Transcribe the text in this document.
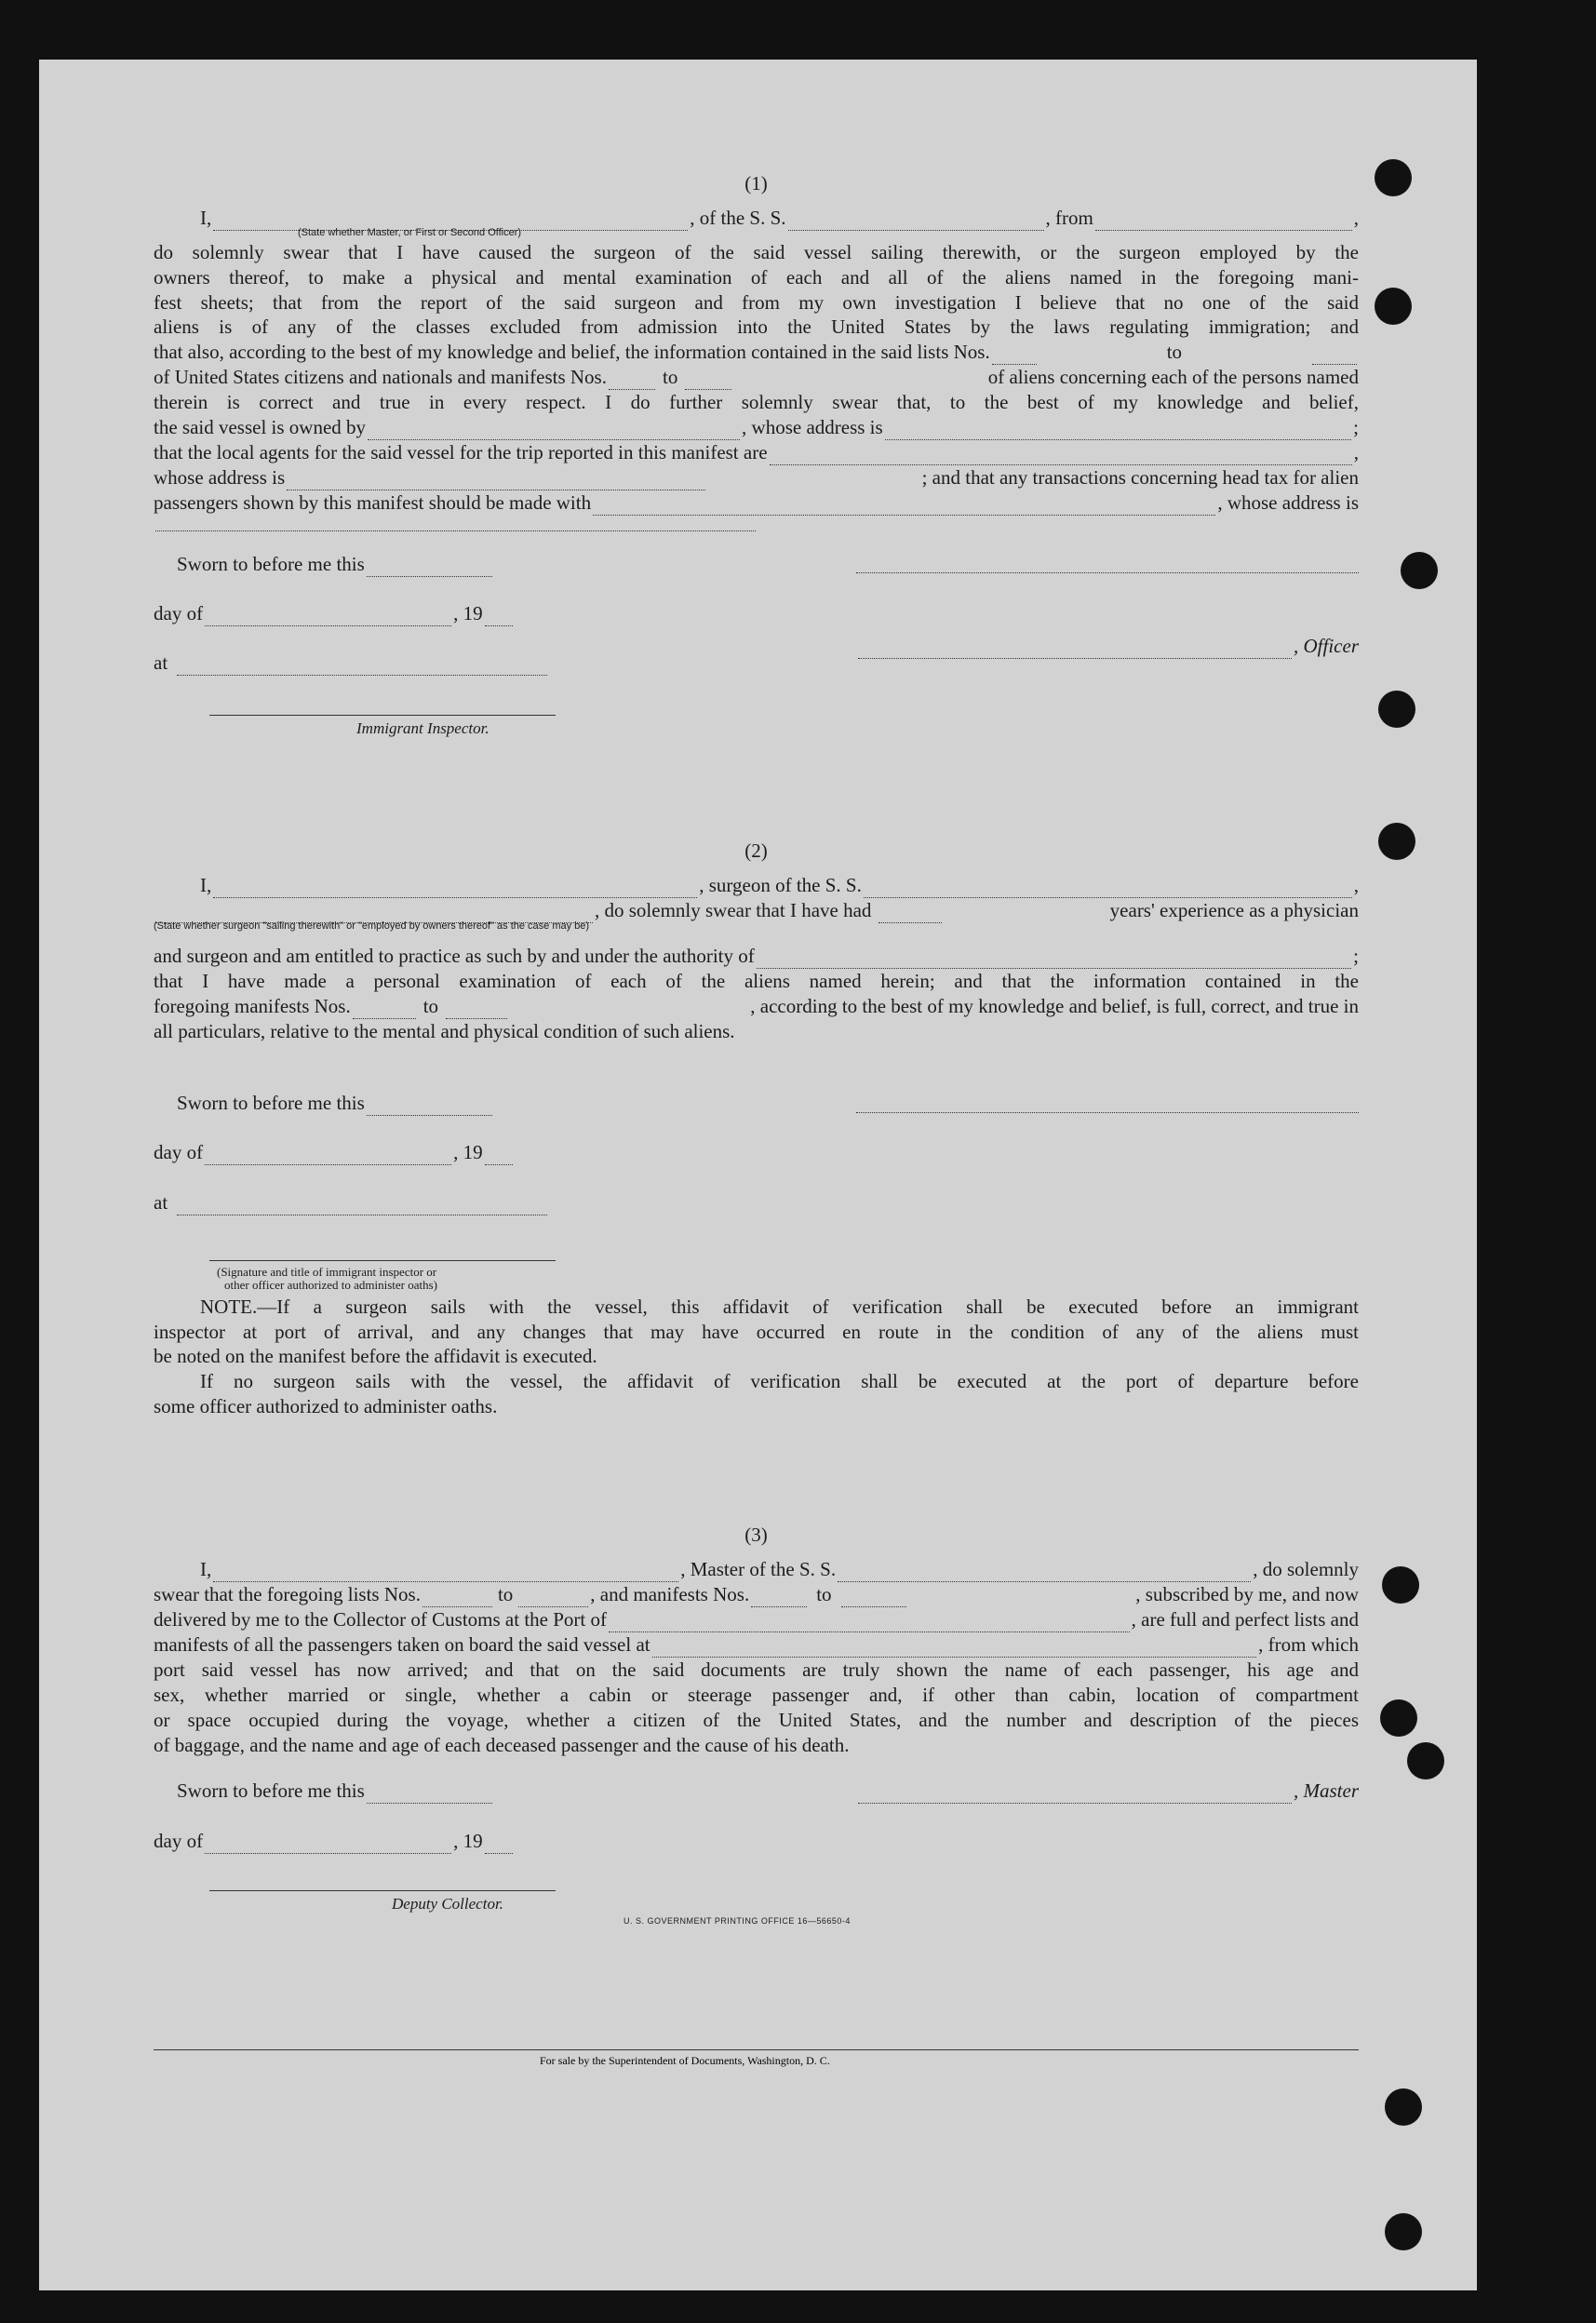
(1)

I,	, of the S. S.	, from	,
(State whether Master, or First or Second Officer)
do solemnly swear that I have caused the surgeon of the said vessel sailing therewith, or the surgeon employed by the
owners thereof, to make a physical and mental examination of each and all of the aliens named in the foregoing mani-
fest sheets; that from the report of the said surgeon and from my own investigation I believe that no one of the said
aliens is of any of the classes excluded from admission into the United States by the laws regulating immigration; and
that also, according to the best of my knowledge and belief, the information contained in the said lists Nos.	to
of United States citizens and nationals and manifests Nos.	to	of aliens concerning each of the persons named
therein is correct and true in every respect. I do further solemnly swear that, to the best of my knowledge and belief,
the said vessel is owned by	, whose address is	;
that the local agents for the said vessel for the trip reported in this manifest are	,
whose address is	; and that any transactions concerning head tax for alien
passengers shown by this manifest should be made with	, whose address is
Sworn to before me this
day of	, 19
, Officer
at
Immigrant Inspector.

(2)

I,	, surgeon of the S. S.	,
, do solemnly swear that I have had	years' experience as a physician
(State whether surgeon "sailing therewith" or "employed by owners thereof" as the case may be)
and surgeon and am entitled to practice as such by and under the authority of	;
that I have made a personal examination of each of the aliens named herein; and that the information contained in the
foregoing manifests Nos.	to	, according to the best of my knowledge and belief, is full, correct, and true in
all particulars, relative to the mental and physical condition of such aliens.
Sworn to before me this
day of	, 19
at
(Signature and title of immigrant inspector or
other officer authorized to administer oaths)
NOTE.—If a surgeon sails with the vessel, this affidavit of verification shall be executed before an immigrant
inspector at port of arrival, and any changes that may have occurred en route in the condition of any of the aliens must
be noted on the manifest before the affidavit is executed.
If no surgeon sails with the vessel, the affidavit of verification shall be executed at the port of departure before
some officer authorized to administer oaths.

(3)

I,	, Master of the S. S.	, do solemnly
swear that the foregoing lists Nos.	to	, and manifests Nos.	to	, subscribed by me, and now
delivered by me to the Collector of Customs at the Port of	, are full and perfect lists and
manifests of all the passengers taken on board the said vessel at	, from which
port said vessel has now arrived; and that on the said documents are truly shown the name of each passenger, his age and
sex, whether married or single, whether a cabin or steerage passenger and, if other than cabin, location of compartment
or space occupied during the voyage, whether a citizen of the United States, and the number and description of the pieces
of baggage, and the name and age of each deceased passenger and the cause of his death.
Sworn to before me this	, Master
day of	, 19
Deputy Collector.
U. S. GOVERNMENT PRINTING OFFICE 16—56650-4
For sale by the Superintendent of Documents, Washington, D. C.
